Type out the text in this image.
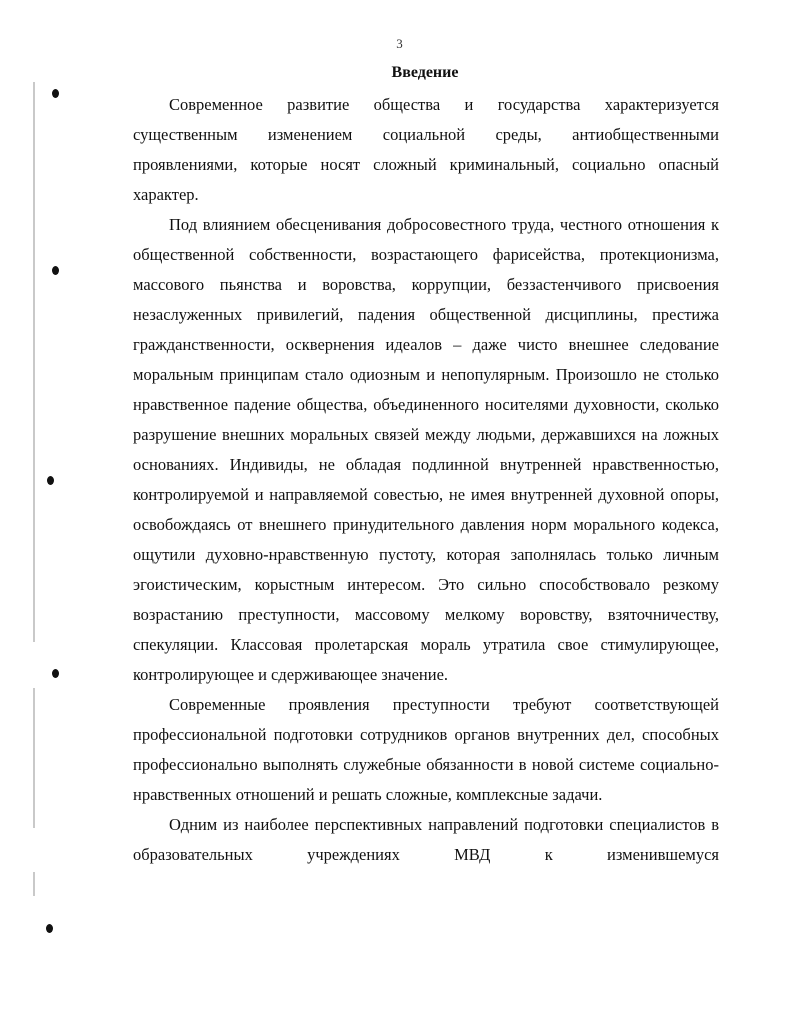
3
Введение

Современное развитие общества и государства характеризуется существенным изменением социальной среды, антиобщественными проявлениями, которые носят сложный криминальный, социально опасный характер.

Под влиянием обесценивания добросовестного труда, честного отношения к общественной собственности, возрастающего фарисейства, протекционизма, массового пьянства и воровства, коррупции, беззастенчивого присвоения незаслуженных привилегий, падения общественной дисциплины, престижа гражданственности, осквернения идеалов – даже чисто внешнее следование моральным принципам стало одиозным и непопулярным. Произошло не столько нравственное падение общества, объединенного носителями духовности, сколько разрушение внешних моральных связей между людьми, державшихся на ложных основаниях. Индивиды, не обладая подлинной внутренней нравственностью, контролируемой и направляемой совестью, не имея внутренней духовной опоры, освобождаясь от внешнего принудительного давления норм морального кодекса, ощутили духовно-нравственную пустоту, которая заполнялась только личным эгоистическим, корыстным интересом. Это сильно способствовало резкому возрастанию преступности, массовому мелкому воровству, взяточничеству, спекуляции. Классовая пролетарская мораль утратила свое стимулирующее, контролирующее и сдерживающее значение.

Современные проявления преступности требуют соответствующей профессиональной подготовки сотрудников органов внутренних дел, способных профессионально выполнять служебные обязанности в новой системе социально-нравственных отношений и решать сложные, комплексные задачи.

Одним из наиболее перспективных направлений подготовки специалистов в образовательных учреждениях МВД к изменившемуся
